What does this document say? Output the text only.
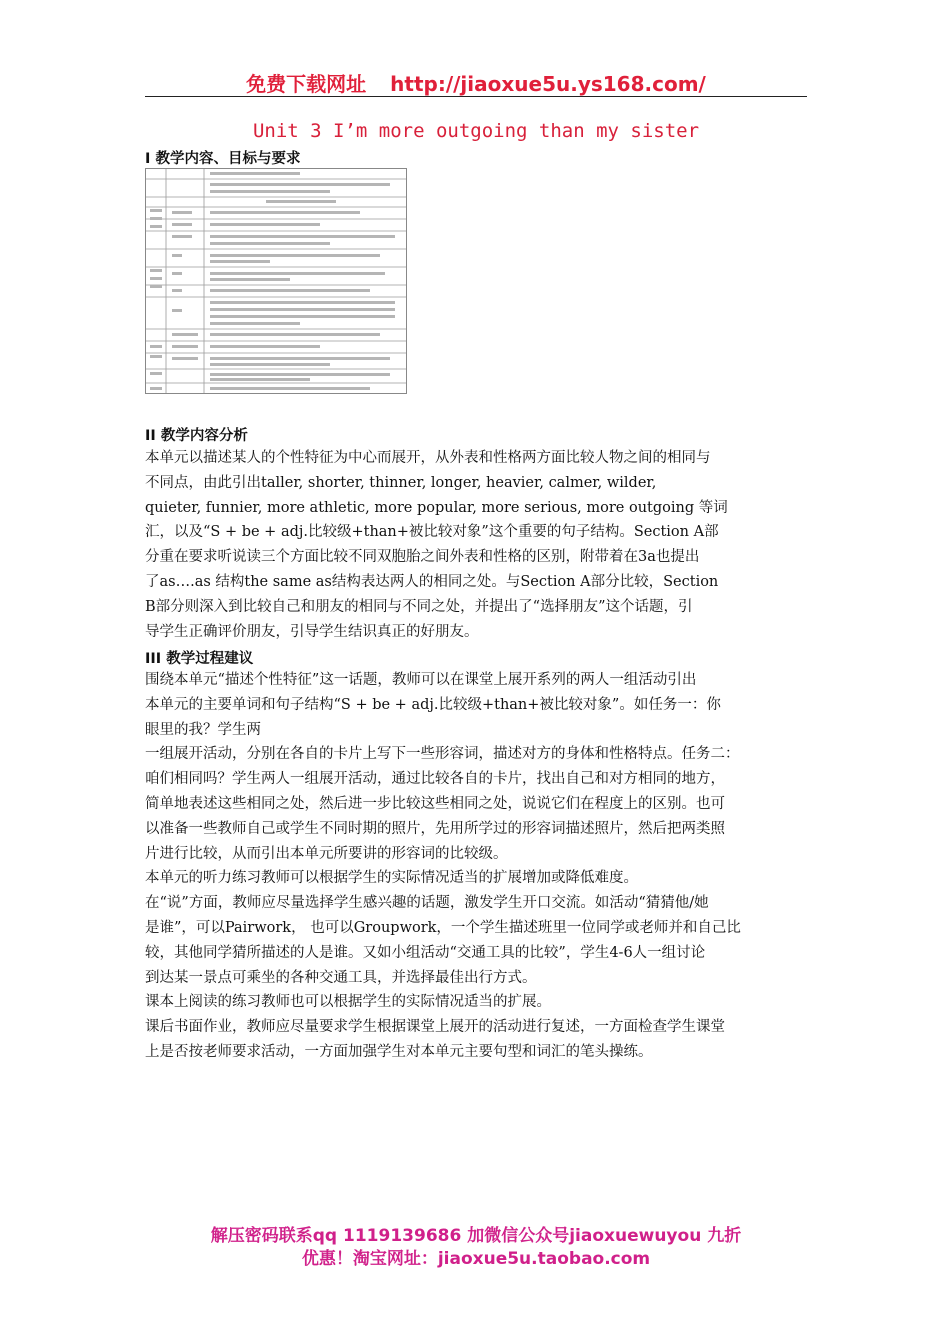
免费下载网址 http://jiaoxue5u.ys168.com/
Unit 3 I’m more outgoing than my sister
I 教学内容、目标与要求
II 教学内容分析
本单元以描述某人的个性特征为中心而展开，从外表和性格两方面比较人物之间的相同与
不同点，由此引出taller, shorter, thinner, longer, heavier, calmer, wilder,
quieter, funnier, more athletic, more popular, more serious, more outgoing 等词
汇，以及“S + be + adj.比较级+than+被比较对象”这个重要的句子结构。Section A部
分重在要求听说读三个方面比较不同双胞胎之间外表和性格的区别，附带着在3a也提出
了as….as 结构the same as结构表达两人的相同之处。与Section A部分比较，Section
B部分则深入到比较自己和朋友的相同与不同之处，并提出了“选择朋友”这个话题，引
导学生正确评价朋友，引导学生结识真正的好朋友。
III 教学过程建议
围绕本单元“描述个性特征”这一话题，教师可以在课堂上展开系列的两人一组活动引出
本单元的主要单词和句子结构“S + be + adj.比较级+than+被比较对象”。如任务一：你
眼里的我？学生两
一组展开活动，分别在各自的卡片上写下一些形容词，描述对方的身体和性格特点。任务二：
咱们相同吗？学生两人一组展开活动，通过比较各自的卡片，找出自己和对方相同的地方，
简单地表述这些相同之处，然后进一步比较这些相同之处，说说它们在程度上的区别。也可
以准备一些教师自己或学生不同时期的照片，先用所学过的形容词描述照片，然后把两类照
片进行比较，从而引出本单元所要讲的形容词的比较级。
本单元的听力练习教师可以根据学生的实际情况适当的扩展增加或降低难度。
在“说”方面，教师应尽量选择学生感兴趣的话题，激发学生开口交流。如活动“猜猜他/她
是谁”，可以Pairwork， 也可以Groupwork，一个学生描述班里一位同学或老师并和自己比
较，其他同学猜所描述的人是谁。又如小组活动“交通工具的比较”，学生4-6人一组讨论
到达某一景点可乘坐的各种交通工具，并选择最佳出行方式。
课本上阅读的练习教师也可以根据学生的实际情况适当的扩展。
课后书面作业，教师应尽量要求学生根据课堂上展开的活动进行复述，一方面检查学生课堂
上是否按老师要求活动，一方面加强学生对本单元主要句型和词汇的笔头操练。
解压密码联系qq 1119139686 加微信公众号jiaoxuewuyou 九折
优惠！淘宝网址：jiaoxue5u.taobao.com
